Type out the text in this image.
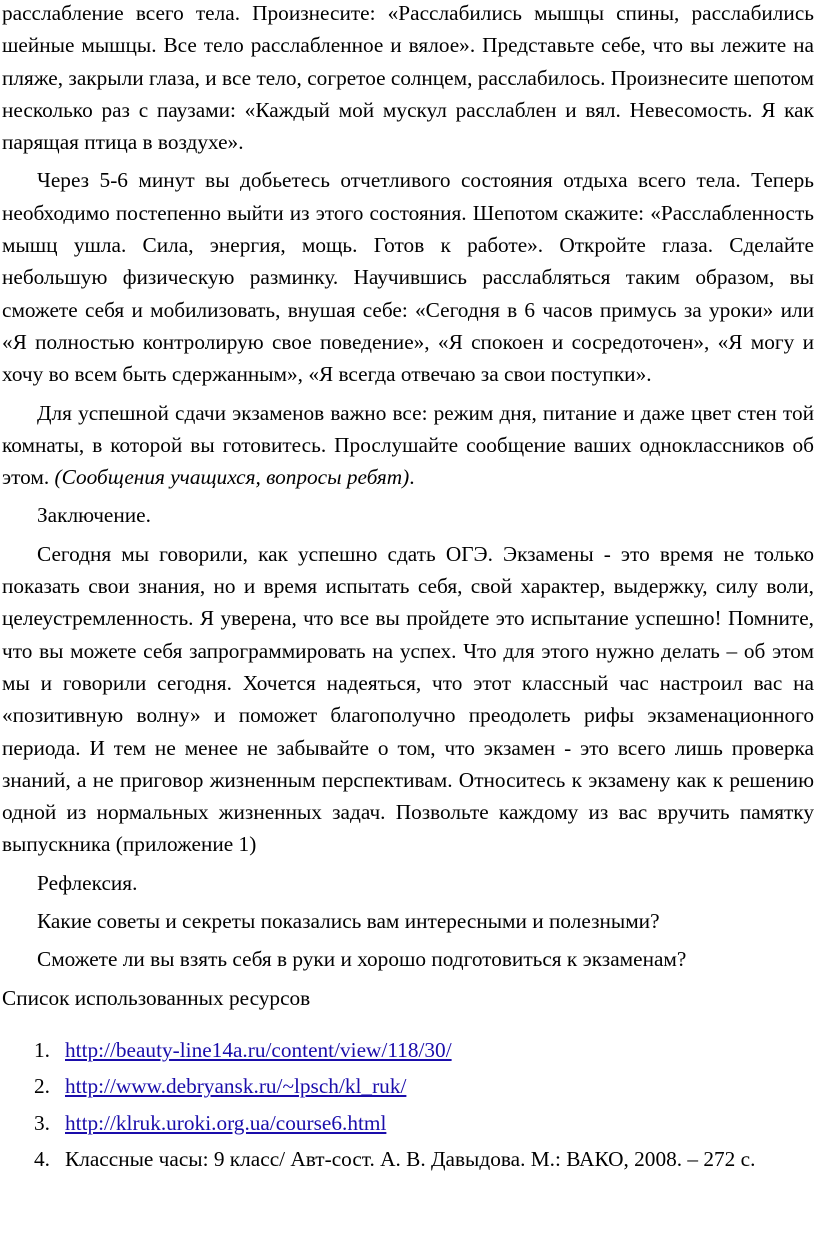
расслабление всего тела. Произнесите: «Расслабились мышцы спины, расслабились шейные мышцы. Все тело расслабленное и вялое». Представьте себе, что вы лежите на пляже, закрыли глаза, и все тело, согретое солнцем, расслабилось. Произнесите шепотом несколько раз с паузами: «Каждый мой мускул расслаблен и вял. Невесомость. Я как парящая птица в воздухе».

Через 5-6 минут вы добьетесь отчетливого состояния отдыха всего тела. Теперь необходимо постепенно выйти из этого состояния. Шепотом скажите: «Расслабленность мышц ушла. Сила, энергия, мощь. Готов к работе». Откройте глаза. Сделайте небольшую физическую разминку. Научившись расслабляться таким образом, вы сможете себя и мобилизовать, внушая себе: «Сегодня в 6 часов примусь за уроки» или «Я полностью контролирую свое поведение», «Я спокоен и сосредоточен», «Я могу и хочу во всем быть сдержанным», «Я всегда отвечаю за свои поступки».

Для успешной сдачи экзаменов важно все: режим дня, питание и даже цвет стен той комнаты, в которой вы готовитесь. Прослушайте сообщение ваших одноклассников об этом. (Сообщения учащихся, вопросы ребят).

Заключение.

Сегодня мы говорили, как успешно сдать ОГЭ. Экзамены - это время не только показать свои знания, но и время испытать себя, свой характер, выдержку, силу воли, целеустремленность. Я уверена, что все вы пройдете это испытание успешно! Помните, что вы можете себя запрограммировать на успех. Что для этого нужно делать – об этом мы и говорили сегодня. Хочется надеяться, что этот классный час настроил вас на «позитивную волну» и поможет благополучно преодолеть рифы экзаменационного периода. И тем не менее не забывайте о том, что экзамен - это всего лишь проверка знаний, а не приговор жизненным перспективам. Относитесь к экзамену как к решению одной из нормальных жизненных задач. Позвольте каждому из вас вручить памятку выпускника (приложение 1)

Рефлексия.

Какие советы и секреты показались вам интересными и полезными?

Сможете ли вы взять себя в руки и хорошо подготовиться к экзаменам?

Список использованных ресурсов

1. http://beauty-line14a.ru/content/view/118/30/
2. http://www.debryansk.ru/~lpsch/kl_ruk/
3. http://klruk.uroki.org.ua/course6.html
4. Классные часы: 9 класс/ Авт-сост. А. В. Давыдова. М.: ВАКО, 2008. – 272 с.
